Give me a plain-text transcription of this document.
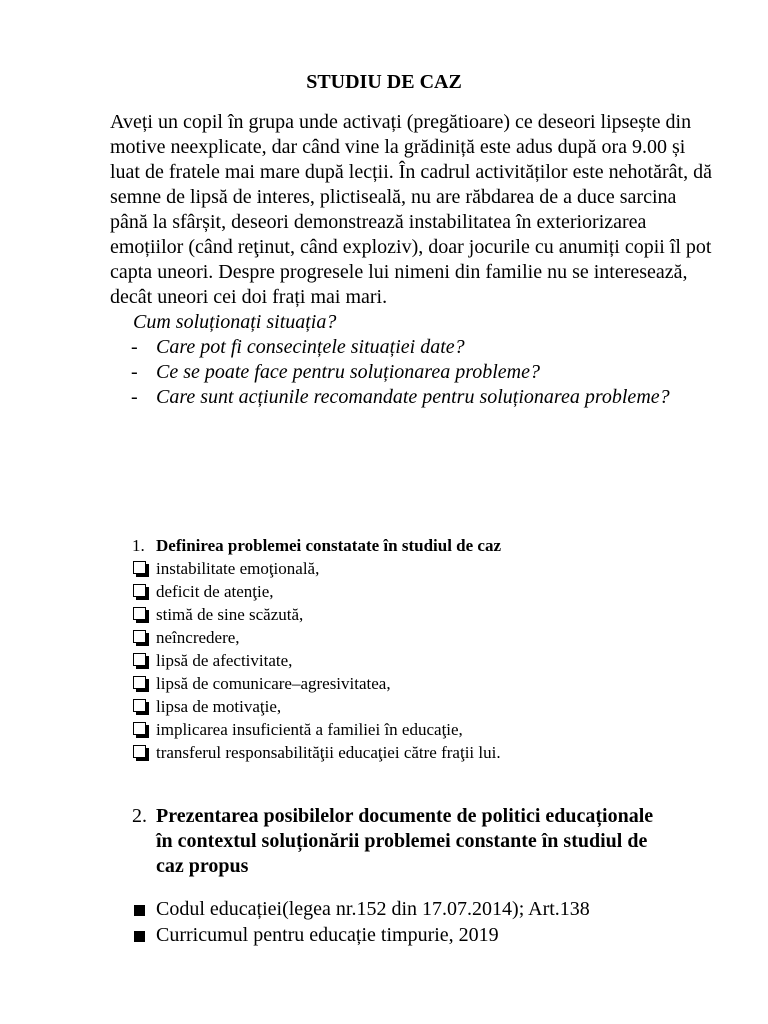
STUDIU DE CAZ
Aveți un copil în grupa unde activați (pregătioare) ce deseori lipsește din motive neexplicate, dar când vine la grădiniță este adus după ora 9.00 și luat de fratele mai mare după lecții. În cadrul activităților este nehotărât, dă semne de lipsă de interes, plictiseală, nu are răbdarea de a duce sarcina până la sfârșit, deseori demonstrează instabilitatea în exteriorizarea emoțiilor (când reţinut, când exploziv), doar jocurile cu anumiți copii îl pot capta uneori. Despre progresele lui nimeni din familie nu se interesează, decât uneori cei doi frați mai mari.

Cum soluționați situația?

- Care pot fi consecințele situației date?
- Ce se poate face pentru soluționarea probleme?
- Care sunt acțiunile recomandate pentru soluționarea probleme?
1. Definirea problemei constatate în studiul de caz
instabilitate emoţională,
deficit de atenţie,
stimă de sine scăzută,
neîncredere,
lipsă de afectivitate,
lipsă de comunicare–agresivitatea,
lipsa de motivaţie,
implicarea insuficientă a familiei în educaţie,
transferul responsabilităţii educaţiei către fraţii lui.
2. Prezentarea posibilelor documente de politici educaționale în contextul soluționării problemei constante în studiul de caz propus
Codul educației(legea nr.152 din 17.07.2014); Art.138
Curricumul pentru educație timpurie, 2019
